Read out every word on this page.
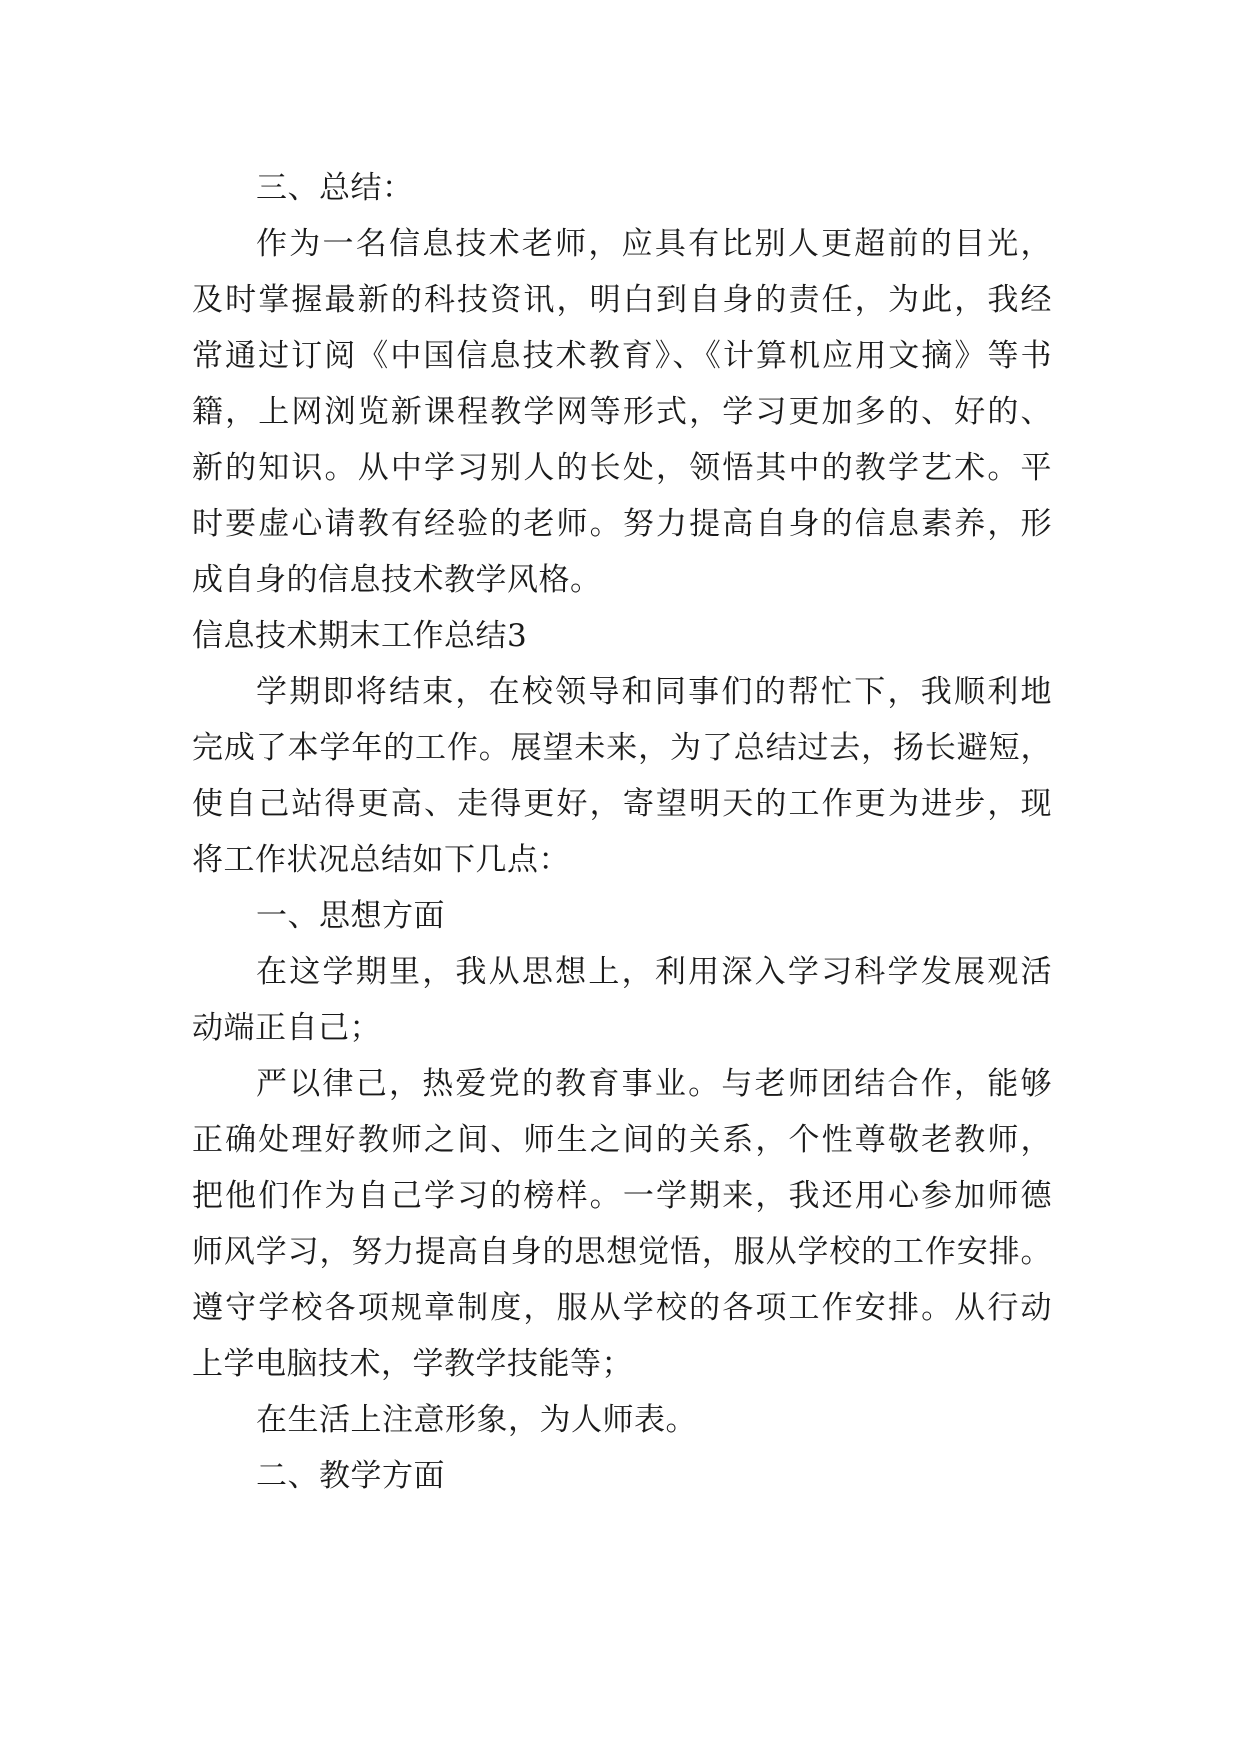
三、总结：
作为一名信息技术老师，应具有比别人更超前的目光，
及时掌握最新的科技资讯，明白到自身的责任，为此，我经
常通过订阅《中国信息技术教育》、《计算机应用文摘》等书
籍，上网浏览新课程教学网等形式，学习更加多的、好的、
新的知识。从中学习别人的长处，领悟其中的教学艺术。平
时要虚心请教有经验的老师。努力提高自身的信息素养，形
成自身的信息技术教学风格。
信息技术期末工作总结3
学期即将结束，在校领导和同事们的帮忙下，我顺利地
完成了本学年的工作。展望未来，为了总结过去，扬长避短，
使自己站得更高、走得更好，寄望明天的工作更为进步，现
将工作状况总结如下几点：
一、思想方面
在这学期里，我从思想上，利用深入学习科学发展观活
动端正自己；
严以律己，热爱党的教育事业。与老师团结合作，能够
正确处理好教师之间、师生之间的关系，个性尊敬老教师，
把他们作为自己学习的榜样。一学期来，我还用心参加师德
师风学习，努力提高自身的思想觉悟，服从学校的工作安排。
遵守学校各项规章制度，服从学校的各项工作安排。从行动
上学电脑技术，学教学技能等；
在生活上注意形象，为人师表。
二、教学方面
